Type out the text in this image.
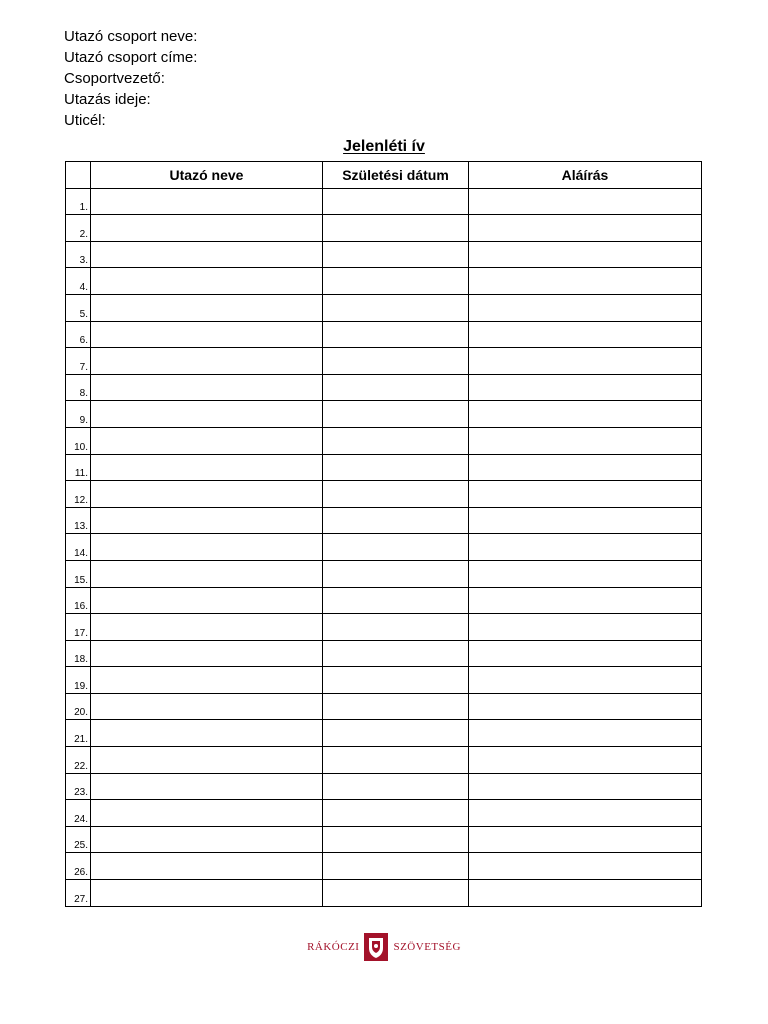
Utazó csoport neve:
Utazó csoport címe:
Csoportvezető:
Utazás ideje:
Uticél:
Jelenléti ív
	Utazó neve	Születési dátum	Aláírás
1.			
2.			
3.			
4.			
5.			
6.			
7.			
8.			
9.			
10.			
11.			
12.			
13.			
14.			
15.			
16.			
17.			
18.			
19.			
20.			
21.			
22.			
23.			
24.			
25.			
26.			
27.			
RÁKÓCZI	SZÖVETSÉG
